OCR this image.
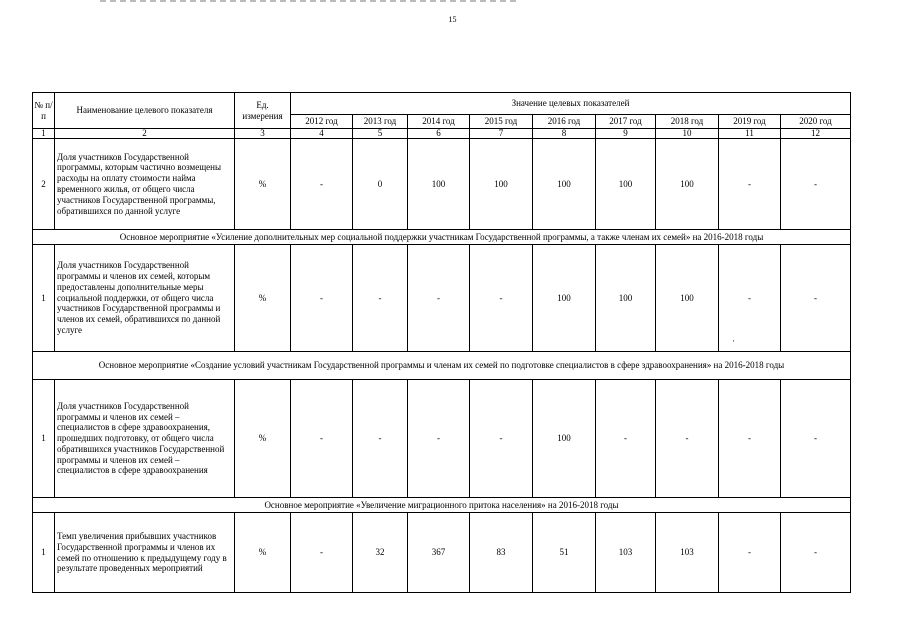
15
№ п/п	Наименование целевого показателя	Ед. измерения	Значение целевых показателей								
			2012 год	2013 год	2014 год	2015 год	2016 год	2017 год	2018 год	2019 год	2020 год
1	2	3	4	5	6	7	8	9	10	11	12
2	Доля участников Государственной программы, которым частично возмещены расходы на оплату стоимости найма временного жилья, от общего числа участников Государственной программы, обратившихся по данной услуге	%	-	0	100	100	100	100	100	-	-
Основное мероприятие «Усиление дополнительных мер социальной поддержки участникам Государственной программы, а также членам их семей» на 2016-2018 годы											
1	Доля участников Государственной программы и членов их семей, которым предоставлены дополнительные меры социальной поддержки, от общего числа участников Государственной программы и членов их семей, обратившихся по данной услуге	%	-	-	-	-	100	100	100	-	-
Основное мероприятие «Создание условий участникам Государственной программы и членам их семей по подготовке специалистов в сфере здравоохранения» на 2016-2018 годы											
1	Доля участников Государственной программы и членов их семей – специалистов в сфере здравоохранения, прошедших подготовку, от общего числа обратившихся участников Государственной программы и членов их семей – специалистов в сфере здравоохранения	%	-	-	-	-	100	-	-	-	-
Основное мероприятие «Увеличение миграционного притока населения» на 2016-2018 годы											
1	Темп увеличения прибывших участников Государственной программы и членов их семей по отношению к предыдущему году в результате проведенных мероприятий	%	-	32	367	83	51	103	103	-	-
·
